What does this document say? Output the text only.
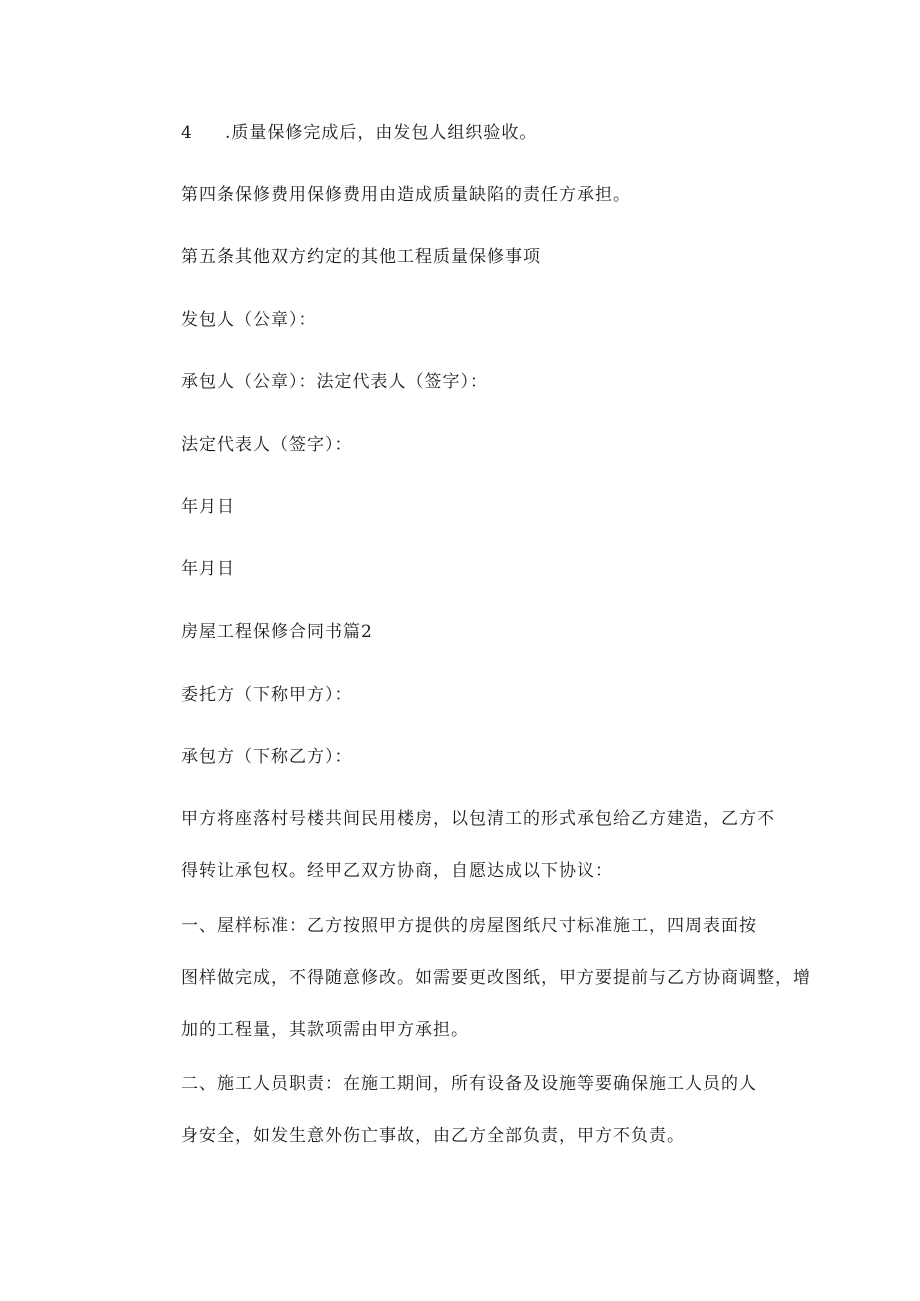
4 .质量保修完成后，由发包人组织验收。
第四条保修费用保修费用由造成质量缺陷的责任方承担。
第五条其他双方约定的其他工程质量保修事项
发包人（公章）：
承包人（公章）：法定代表人（签字）：
法定代表人（签字）：
年月日
年月日
房屋工程保修合同书篇2
委托方（下称甲方）：
承包方（下称乙方）：
甲方将座落村号楼共间民用楼房，以包清工的形式承包给乙方建造，乙方不
得转让承包权。经甲乙双方协商，自愿达成以下协议：
一、屋样标准：乙方按照甲方提供的房屋图纸尺寸标准施工，四周表面按
图样做完成，不得随意修改。如需要更改图纸，甲方要提前与乙方协商调整，增
加的工程量，其款项需由甲方承担。
二、施工人员职责：在施工期间，所有设备及设施等要确保施工人员的人
身安全，如发生意外伤亡事故，由乙方全部负责，甲方不负责。
